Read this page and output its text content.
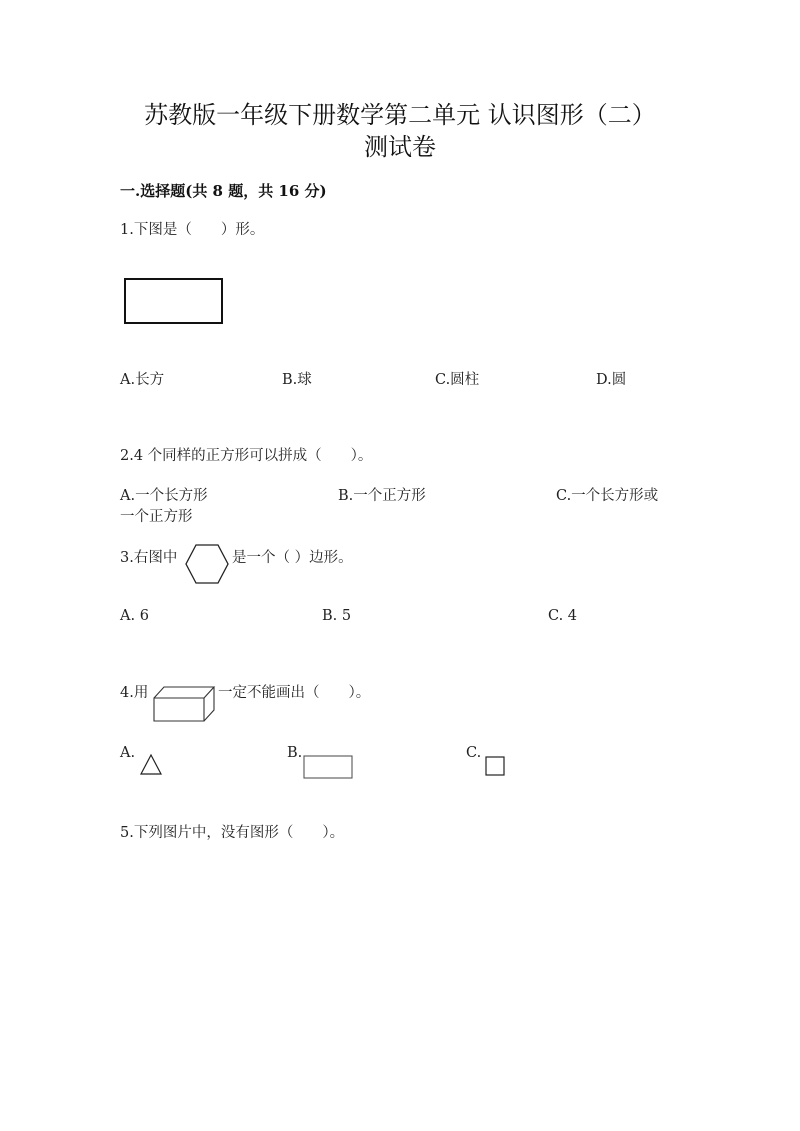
苏教版一年级下册数学第二单元 认识图形（二）
测试卷
一.选择题(共 8 题，共 16 分)
1.下图是（　　）形。
A.长方	B.球	C.圆柱	D.圆
2.4 个同样的正方形可以拼成（　　）。
A.一个长方形	B.一个正方形	C.一个长方形或
一个正方形
3.右图中	是一个（ ）边形。
A. 6	B. 5	C. 4
4.用	一定不能画出（　　）。
A.	B.	C.
5.下列图片中，没有图形（　　）。
